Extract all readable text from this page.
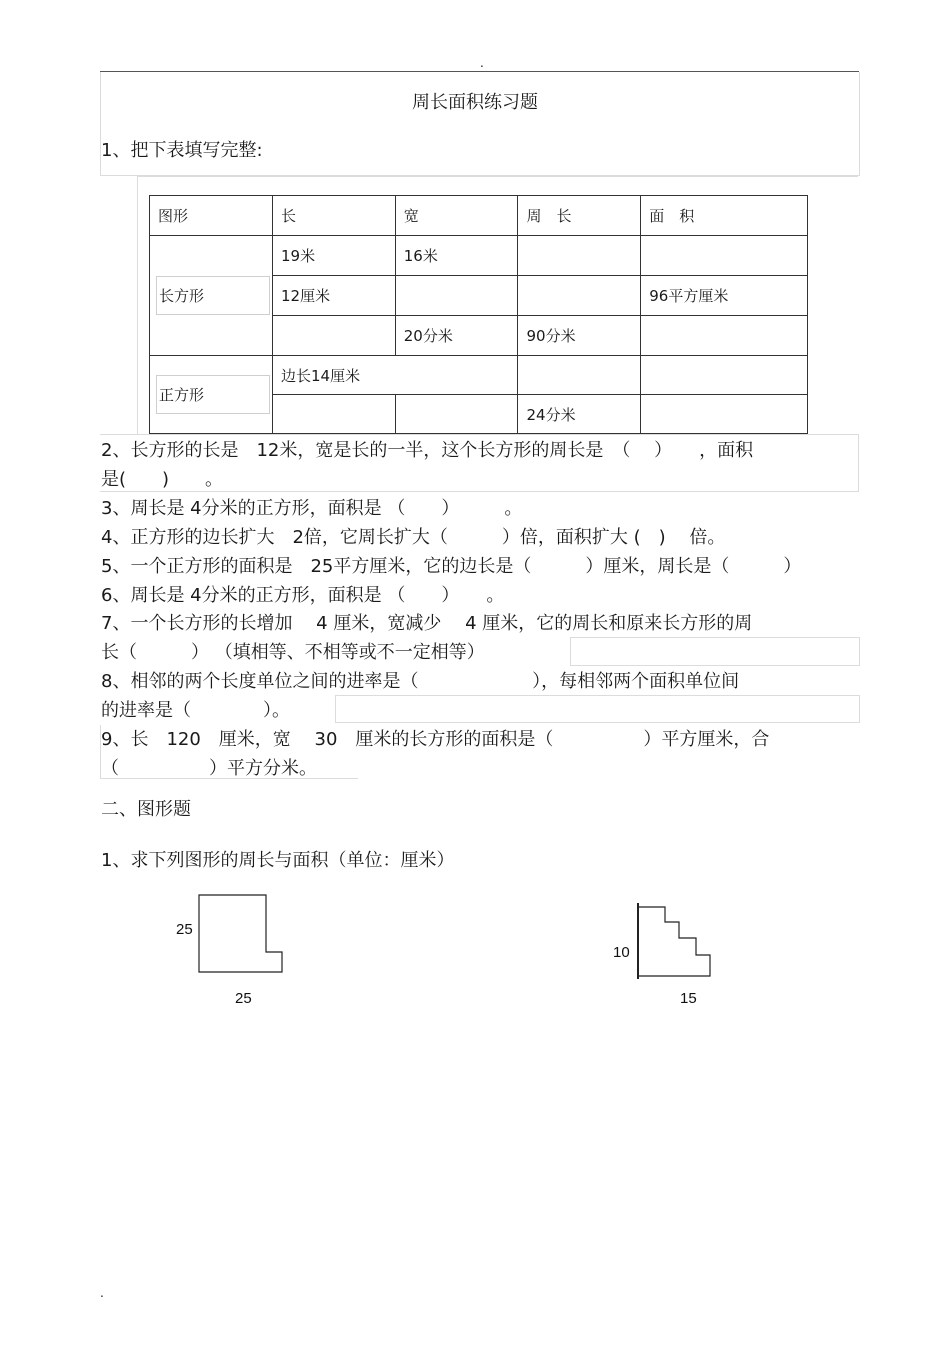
.
周长面积练习题
1、把下表填写完整:
图形	长	宽	周　长	面　积
长方形	19米	16米		
	12厘米			96平方厘米
		20分米	90分米	
正方形	边长14厘米			
			24分米	
2、长方形的长是　12米，宽是长的一半，这个长方形的周长是　（　 ）　　，面积
是(　　)　　。
3、周长是 4分米的正方形，面积是 （　　）　　　。
4、正方形的边长扩大　2倍，它周长扩大（　　　）倍，面积扩大 (　)　 倍。
5、一个正方形的面积是　25平方厘米，它的边长是（　　　）厘米，周长是（　　　）
6、周长是 4分米的正方形，面积是 （　　）　　。
7、一个长方形的长增加　 4 厘米，宽减少　 4 厘米，它的周长和原来长方形的周
长（　　　） （填相等、不相等或不一定相等）
8、相邻的两个长度单位之间的进率是（　　　　　　 ），每相邻两个面积单位间
的进率是（　　　　）。
9、长　120　厘米，宽　 30　厘米的长方形的面积是（　　　　　）平方厘米，合
（　　　　　）平方分米。
二、图形题
1、求下列图形的周长与面积（单位：厘米）
25
25
10
15
.
